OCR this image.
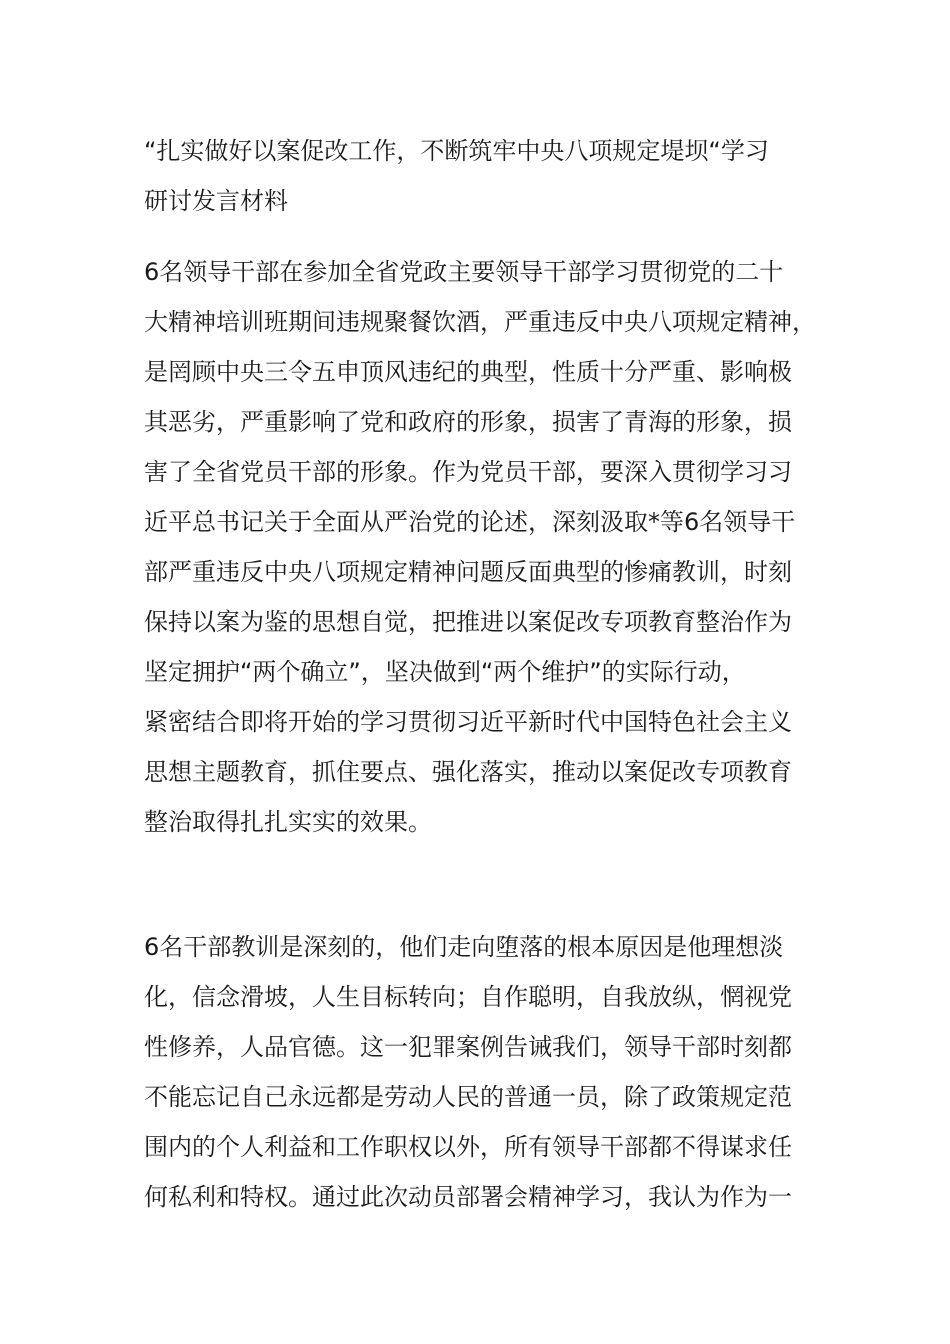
“扎实做好以案促改工作，不断筑牢中央八项规定堤坝“学习
研讨发言材料
6名领导干部在参加全省党政主要领导干部学习贯彻党的二十
大精神培训班期间违规聚餐饮酒，严重违反中央八项规定精神，
是罔顾中央三令五申顶风违纪的典型，性质十分严重、影响极
其恶劣，严重影响了党和政府的形象，损害了青海的形象，损
害了全省党员干部的形象。作为党员干部，要深入贯彻学习习
近平总书记关于全面从严治党的论述，深刻汲取*等6名领导干
部严重违反中央八项规定精神问题反面典型的惨痛教训，时刻
保持以案为鉴的思想自觉，把推进以案促改专项教育整治作为
坚定拥护“两个确立”，坚决做到“两个维护”的实际行动，
紧密结合即将开始的学习贯彻习近平新时代中国特色社会主义
思想主题教育，抓住要点、强化落实，推动以案促改专项教育
整治取得扎扎实实的效果。
6名干部教训是深刻的，他们走向堕落的根本原因是他理想淡
化，信念滑坡，人生目标转向；自作聪明，自我放纵，惘视党
性修养，人品官德。这一犯罪案例告诫我们，领导干部时刻都
不能忘记自己永远都是劳动人民的普通一员，除了政策规定范
围内的个人利益和工作职权以外，所有领导干部都不得谋求任
何私利和特权。通过此次动员部署会精神学习，我认为作为一
